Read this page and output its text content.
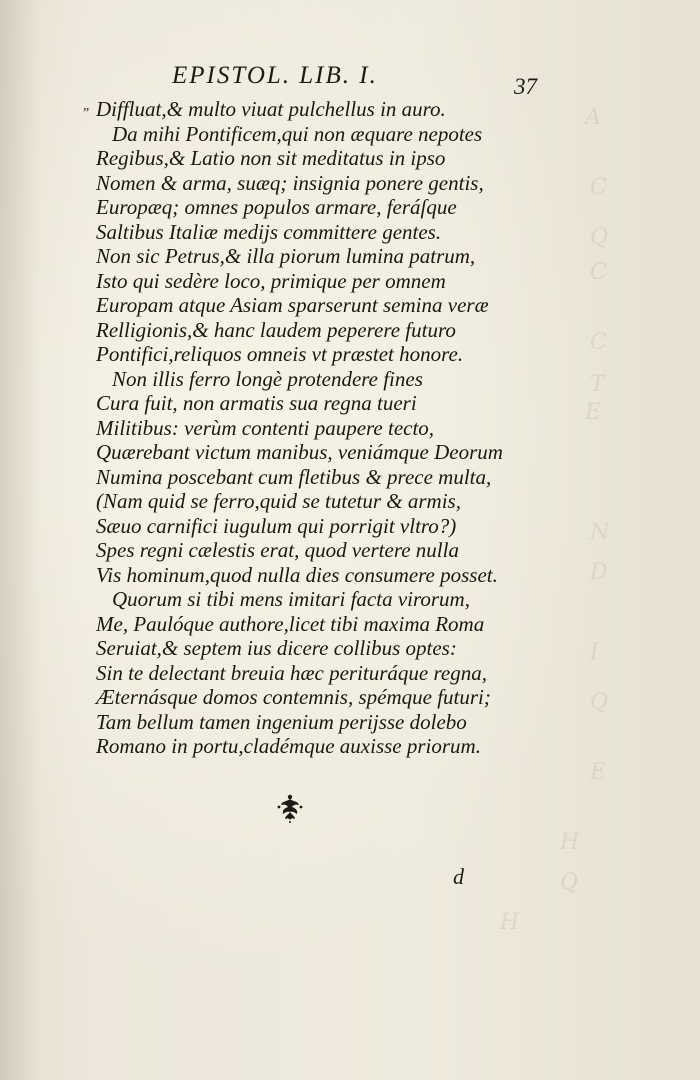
A
C
Q
C
C
T
E
N
D
I
Q
E
H
Q
H
EPISTOL. LIB. I.	37
” Diffluat,& multo viuat pulchellus in auro.
Da mihi Pontificem,qui non æquare nepotes
Regibus,& Latio non sit meditatus in ipso
Nomen & arma, suæq; insignia ponere gentis,
Europæq; omnes populos armare, feráſque
Saltibus Italiæ medijs committere gentes.
Non sic Petrus,& illa piorum lumina patrum,
Isto qui sedère loco, primique per omnem
Europam atque Asiam sparserunt semina veræ
Relligionis,& hanc laudem peperere futuro
Pontifici,reliquos omneis vt præstet honore.
Non illis ferro longè protendere fines
Cura fuit, non armatis sua regna tueri
Militibus: verùm contenti paupere tecto,
Quærebant victum manibus, veniámque Deorum
Numina poscebant cum fletibus & prece multa,
(Nam quid se ferro,quid se tutetur & armis,
Sæuo carnifici iugulum qui porrigit vltro?)
Spes regni cælestis erat, quod vertere nulla
Vis hominum,quod nulla dies consumere posset.
Quorum si tibi mens imitari facta virorum,
Me, Paulóque authore,licet tibi maxima Roma
Seruiat,& septem ius dicere collibus optes:
Sin te delectant breuia hæc perituráque regna,
Æternásque domos contemnis, spémque futuri;
Tam bellum tamen ingenium perijsse dolebo
Romano in portu,cladémque auxisse priorum.
d
